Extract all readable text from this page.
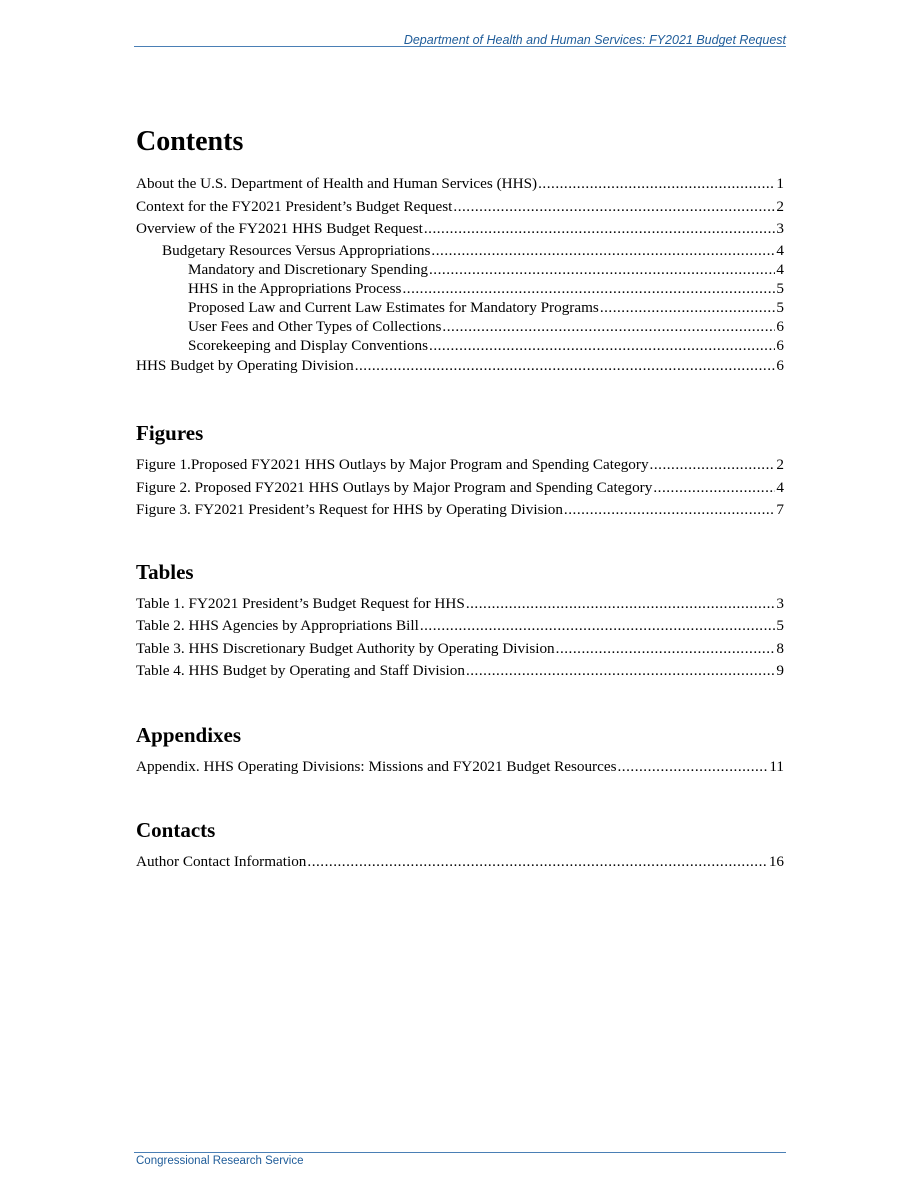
Department of Health and Human Services: FY2021 Budget Request
Contents
About the U.S. Department of Health and Human Services (HHS) .....	1
Context for the FY2021 President’s Budget Request .....	2
Overview of the FY2021 HHS Budget Request .....	3
Budgetary Resources Versus Appropriations .....	4
Mandatory and Discretionary Spending .....	4
HHS in the Appropriations Process .....	5
Proposed Law and Current Law Estimates for Mandatory Programs .....	5
User Fees and Other Types of Collections .....	6
Scorekeeping and Display Conventions .....	6
HHS Budget by Operating Division .....	6
Figures
Figure 1.Proposed FY2021 HHS Outlays by Major Program and Spending Category .....	2
Figure 2. Proposed FY2021 HHS Outlays by Major Program and Spending Category .....	4
Figure 3. FY2021 President’s Request for HHS by Operating Division .....	7
Tables
Table 1. FY2021 President’s Budget Request for HHS .....	3
Table 2. HHS Agencies by Appropriations Bill .....	5
Table 3. HHS Discretionary Budget Authority by Operating Division .....	8
Table 4. HHS Budget by Operating and Staff Division .....	9
Appendixes
Appendix. HHS Operating Divisions: Missions and FY2021 Budget Resources .....	11
Contacts
Author Contact Information .....	16
Congressional Research Service
